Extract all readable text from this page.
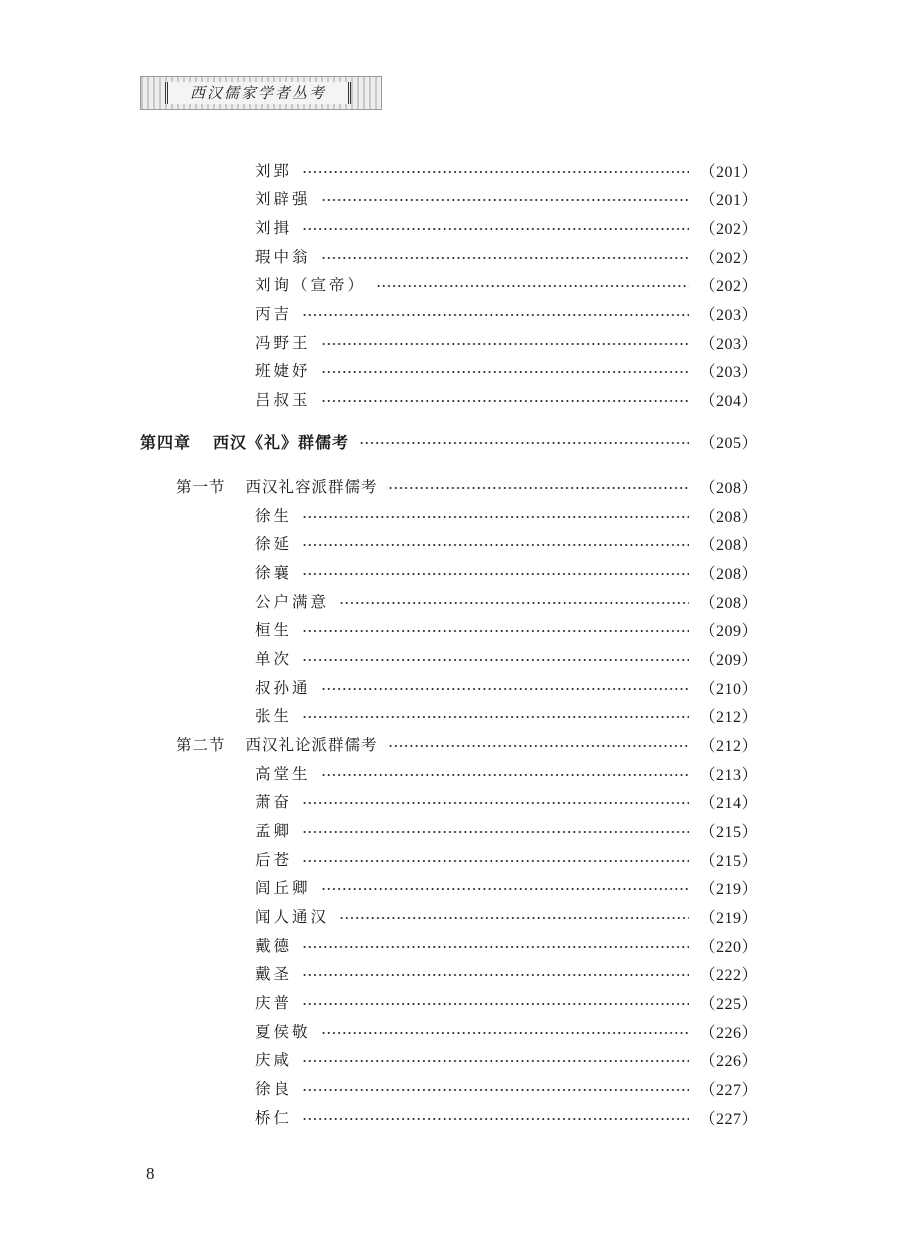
西汉儒家学者丛考
刘郢	（201）
刘辟强	（201）
刘揖	（202）
瑕中翁	（202）
刘询（宣帝）	（202）
丙吉	（203）
冯野王	（203）
班婕妤	（203）
吕叔玉	（204）
第四章 西汉《礼》群儒考	（205）
第一节 西汉礼容派群儒考	（208）
徐生	（208）
徐延	（208）
徐襄	（208）
公户满意	（208）
桓生	（209）
单次	（209）
叔孙通	（210）
张生	（212）
第二节 西汉礼论派群儒考	（212）
高堂生	（213）
萧奋	（214）
孟卿	（215）
后苍	（215）
闾丘卿	（219）
闻人通汉	（219）
戴德	（220）
戴圣	（222）
庆普	（225）
夏侯敬	（226）
庆咸	（226）
徐良	（227）
桥仁	（227）
8
